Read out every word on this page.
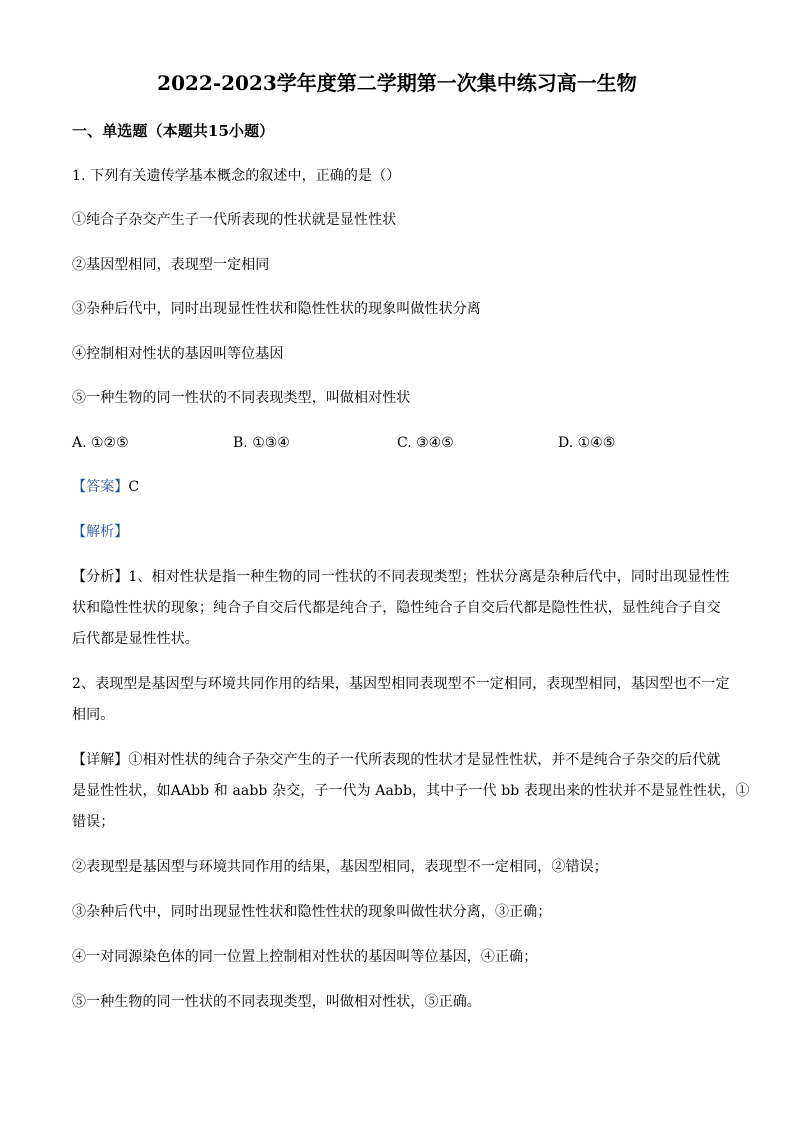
2022-2023学年度第二学期第一次集中练习高一生物

一、单选题（本题共15小题）

1. 下列有关遗传学基本概念的叙述中，正确的是（）

①纯合子杂交产生子一代所表现的性状就是显性性状

②基因型相同，表现型一定相同

③杂种后代中，同时出现显性性状和隐性性状的现象叫做性状分离

④控制相对性状的基因叫等位基因

⑤一种生物的同一性状的不同表现类型，叫做相对性状

A. ①②⑤	B. ①③④	C. ③④⑤	D. ①④⑤

【答案】C

【解析】

【分析】1、相对性状是指一种生物的同一性状的不同表现类型；性状分离是杂种后代中，同时出现显性性

状和隐性性状的现象；纯合子自交后代都是纯合子，隐性纯合子自交后代都是隐性性状，显性纯合子自交

后代都是显性性状。

2、表现型是基因型与环境共同作用的结果，基因型相同表现型不一定相同，表现型相同，基因型也不一定

相同。

【详解】①相对性状的纯合子杂交产生的子一代所表现的性状才是显性性状，并不是纯合子杂交的后代就

是显性性状，如AAbb 和 aabb 杂交，子一代为 Aabb，其中子一代 bb 表现出来的性状并不是显性性状，①

错误；

②表现型是基因型与环境共同作用的结果，基因型相同，表现型不一定相同，②错误；

③杂种后代中，同时出现显性性状和隐性性状的现象叫做性状分离，③正确；

④一对同源染色体的同一位置上控制相对性状的基因叫等位基因，④正确；

⑤一种生物的同一性状的不同表现类型，叫做相对性状，⑤正确。
